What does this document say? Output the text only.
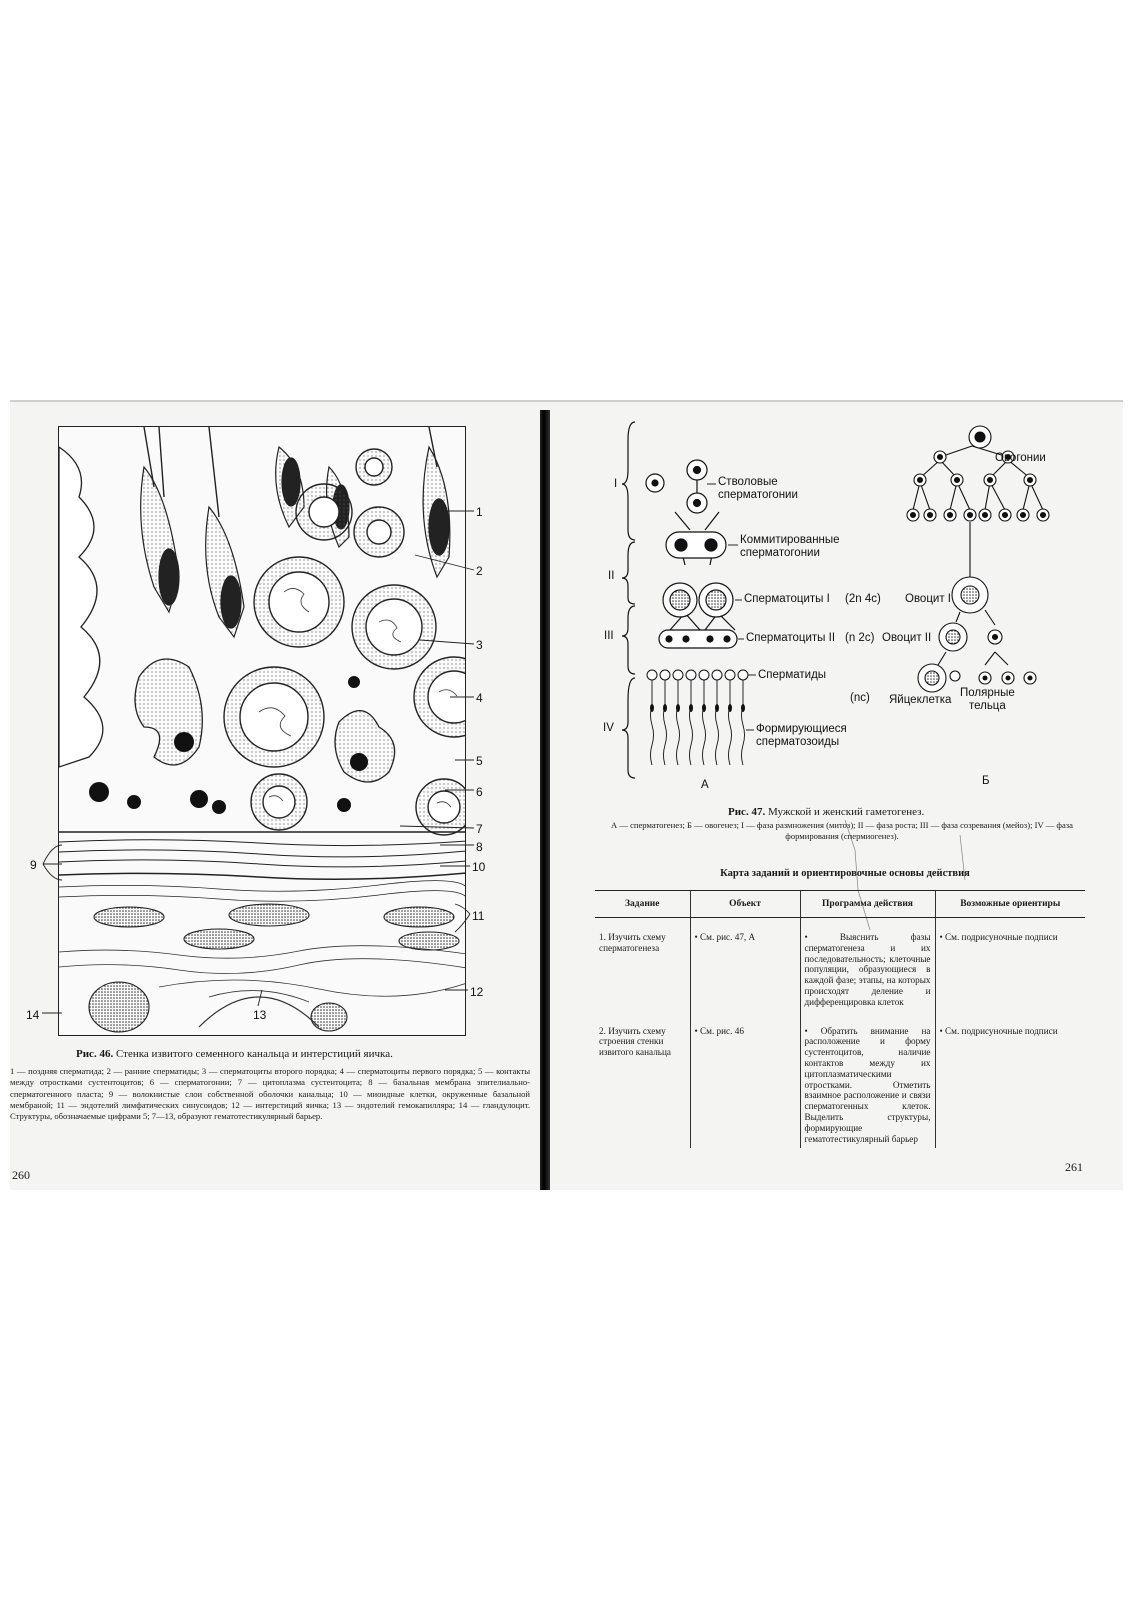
1
2
3
4
5
6
7
8
9	10
11
12
13
14
Рис. 46. Стенка извитого семенного канальца и интерстиций яичка.
1 — поздняя сперматида; 2 — ранние сперматиды; 3 — сперматоциты второго порядка; 4 — сперматоциты первого порядка; 5 — контакты между отростками сустентоцитов; 6 — сперматогонии; 7 — цитоплазма сустентоцита; 8 — базальная мембрана эпителиально-сперматогенного пласта; 9 — волокнистые слои собственной оболочки канальца; 10 — миоидные клетки, окруженные базальной мембраной; 11 — эндотелий лимфатических синусоидов; 12 — интерстиций яичка; 13 — эндотелий гемокапилляра; 14 — гландулоцит. Структуры, обозначаемые цифрами 5; 7—13, образуют гематотестикулярный барьер.
260
I
II
III
IV
Стволовые
сперматогонии
Коммитированные
сперматогонии
Сперматоциты I
Сперматоциты II
Сперматиды
Формирующиеся
сперматозоиды
А
(2n 4c)
(n 2c)
(nc)
Овогонии
Овоцит I
Овоцит II
Яйцеклетка
Полярные
тельца
Б
Рис. 47. Мужской и женский гаметогенез.
А — сперматогенез; Б — овогенез; I — фаза размножения (митоз); II — фаза роста; III — фаза созревания (мейоз); IV — фаза формирования (спермиогенез).
Карта заданий и ориентировочные основы действия
Задание	Объект	Программа действия	Возможные ориентиры
1. Изучить схему сперматогенеза	• См. рис. 47, А	• Выяснить фазы сперматогенеза и их последовательность; клеточные популяции, образующиеся в каждой фазе; этапы, на которых происходят деление и дифференцировка клеток	• См. подрисуночные подписи
2. Изучить схему строения стенки извитого канальца	• См. рис. 46	• Обратить внимание на расположение и форму сустентоцитов, наличие контактов между их цитоплазматическими отростками. Отметить взаимное расположение и связи сперматогенных клеток. Выделить структуры, формирующие гематотестикулярный барьер	• См. подрисуночные подписи
261
